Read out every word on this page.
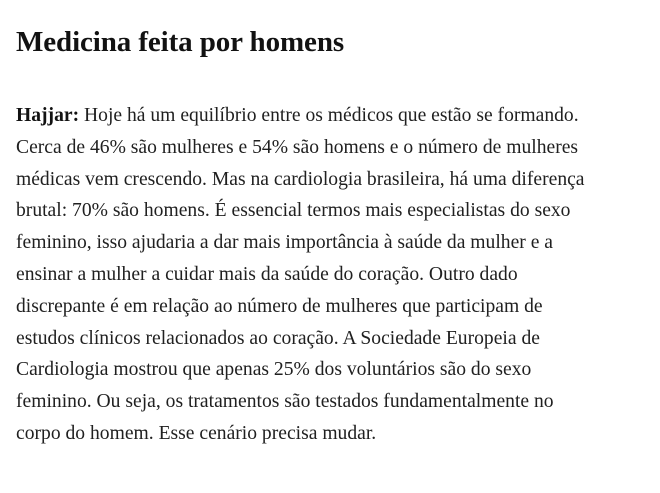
Medicina feita por homens

Hajjar: Hoje há um equilíbrio entre os médicos que estão se formando.
Cerca de 46% são mulheres e 54% são homens e o número de mulheres
médicas vem crescendo. Mas na cardiologia brasileira, há uma diferença
brutal: 70% são homens. É essencial termos mais especialistas do sexo
feminino, isso ajudaria a dar mais importância à saúde da mulher e a
ensinar a mulher a cuidar mais da saúde do coração. Outro dado
discrepante é em relação ao número de mulheres que participam de
estudos clínicos relacionados ao coração. A Sociedade Europeia de
Cardiologia mostrou que apenas 25% dos voluntários são do sexo
feminino. Ou seja, os tratamentos são testados fundamentalmente no
corpo do homem. Esse cenário precisa mudar.
